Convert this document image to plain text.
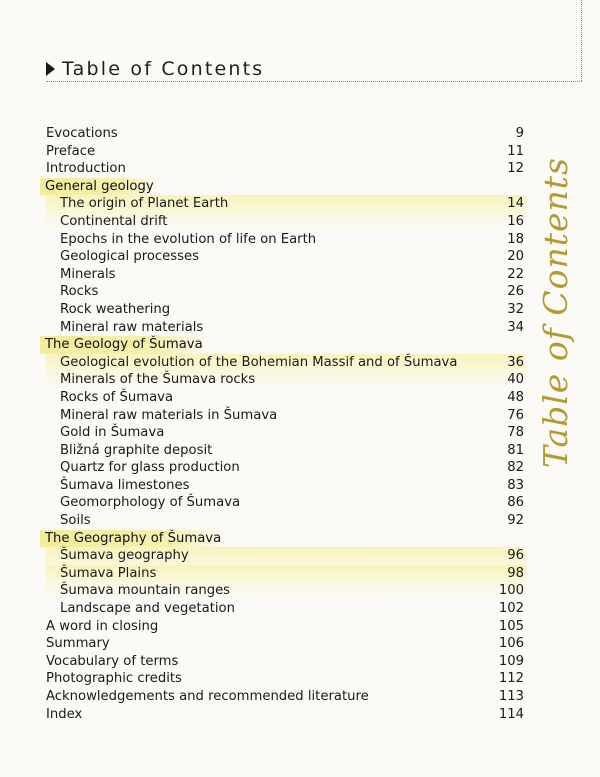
Table of Contents
Table of Contents
Evocations	9
Preface	11
Introduction	12
General geology
The origin of Planet Earth	14
Continental drift	16
Epochs in the evolution of life on Earth	18
Geological processes	20
Minerals	22
Rocks	26
Rock weathering	32
Mineral raw materials	34
The Geology of Šumava
Geological evolution of the Bohemian Massif and of Šumava	36
Minerals of the Šumava rocks	40
Rocks of Šumava	48
Mineral raw materials in Šumava	76
Gold in Šumava	78
Bližná graphite deposit	81
Quartz for glass production	82
Šumava limestones	83
Geomorphology of Šumava	86
Soils	92
The Geography of Šumava
Šumava geography	96
Šumava Plains	98
Šumava mountain ranges	100
Landscape and vegetation	102
A word in closing	105
Summary	106
Vocabulary of terms	109
Photographic credits	112
Acknowledgements and recommended literature	113
Index	114
